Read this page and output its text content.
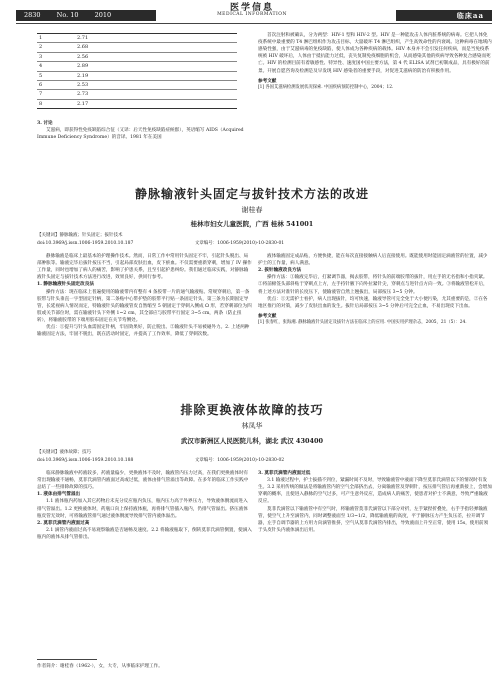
2830 No. 10 2010
医学信息
MEDICAL INFORMATION	临床aa
1	2.71	
2	2.68	
3	2.56	
4	2.89	
5	2.19	
6	2.53	
7	2.73	
8	2.17	
3. 讨论
艾滋病，即获得性免疫缺陷综合征（又译：后天性免疫缺陷症候群），英语缩写 AIDS（Acquired Immune Deficiency Syndrome）的音译。1981 年在美国
首次注射和被确认，分为两型：HIV-1 型和 HIV-2 型。HIV 是一种能攻击人体内脏系统的病毒。它把人体免疫系统中最重要的 T4 淋巴组织作为攻击目标，大量破坏 T4 淋巴组织，产生高致命性的内衰竭。这种病毒在地域内感染性强，由于艾滋病毒的免疫缺陷，使人体成为各种疾病的载体。HIV 本身并不会引发任何疾病，而是当免疫系统被 HIV 破坏后，人体由于抵抗能力过低，丧失复制免疫细胞的机会，从而感染其他的疾病导致各种复合感染而死亡。HIV 的检测目前有着敏感性、特异性、速度国中国主要方法，第 4 代 ELISA 试剂已初制成品，具有极好的前景。开展自愿咨询及检测是及早发现 HIV 感染者的重要手段，对促进艾滋病的防治有积极作用。
参考文献
[1] 各国艾滋病检测发展状况探索. 中国疾病预防控制中心，2004；12.
静脉输液针头固定与拔针技术方法的改进
谢桂春
桂林市妇女儿童医院，广西 桂林 541001
【关键词】静脉输液；针头固定；拔针技术
doi:10.3969/j.issn.1006-1959.2010.10.187	文章编号：1006-1959(2010)-10-2830-01
静脉输液是临床上最基本的护理操作技术。然而，日常工作中常用针头固定不牢，引起针头脱出、局部肿胀等。输液完毕后拔针按压不当，引起局部皮肤出血，皮下瘀血。不仅需要重新穿刺，增加了 IV 操作工作量，同时也增加了病人的痛苦，影响了护患关系，且至引起护患纠纷。我们通过临床实践，对静脉输液针头固定与拔针技术方法进行改进，效果良好，供同行参考。
1. 静脉输液针头固定改良法
操作方法：现在临床上普遍使用的输液带内有整有 4 条胶带一片的通气输液贴。常规穿刺后，第一条胶带与针头垂直一字型固定针柄，第二条贴中心带护垫的胶带平行贴一条固定针头，第三条为长期固定导管，长延视病人情况而定，特输液针头的输液管皮自然缩至 5 朝固定于穿刺入侧成 Ω 形，若穿刺部位为四肢或关节部位时，需在输液针头下外侧 1~2 cm，其全部应与胶带平行固定 3~5 cm，两条（防止扭转），将输液胶带的下端用胶布固定在关节弯侧处。
优点：①提升与针头血需固定针柄，牢固效果好，防止脱出。②输液针头不易被碰外力。2. 上述两种输液固定方法，牢固不脱出，既在活动时固定，并提高了工作效率，降低了穿刺次数。
液体输液固定成品贴，方便快捷，能在每次直接接触病人后直接使用。既能使用时能固定滴液管的位置，减少护士的工作量，病人满意。
2. 拔针输液改良方法
操作方法：①输液完毕后，打紧调节器，揭去胶带，将针头的前端胶带的拔针，用左手的无名指和小指夹紧。②将前棉签头部斜贴于穿刺点上方，左手持针腋下向外拉紧针尖，穿刺点与进针点方向一致。③将输液管松开后，将上述方法对准针的长度压下，使输液管自然上翘拔出，局部按压 3~5 分钟。
优点：①无需护士看护，病人出现拔针，均可快速，输液导管可完全免于大小便污染，尤其重要的是，②在各地区推行的对策，减少了皮肤出血的发生。拔针后局部按压 3~5 分钟后可完全止血，不易出现皮下出血。
参考文献
[1] 张春红，张海湘. 静脉输液针头固定及拔针方法在临床上的应用. 中国实用护理杂志，2005，21（5）：24.
排除更换液体故障的技巧
林凤华
武汉市新洲区人民医院儿科，湖北 武汉 430400
【关键词】液体故障；技巧
doi:10.3969/j.issn.1006-1959.2010.10.188	文章编号：1006-1959(2010)-10-2830-02
临床静脉输液中药液较多，药液量偏少，更换液体不及时，输液管内压力过高，在我们更换液体时有常出现输液不通畅，莫菲氏滴管内液面过高或过低，液体由排气管溢出等故障。在多年的临床工作实践中总结了一些排除故障的技巧。
1. 液体由排气管溢出
1.1 液体瓶内药加入其它药物后未充分反应瓶内负压，瓶内压力高于外界压力，导致液体倒流而进入排气管溢出。1.2 更换液体时，药瓶口向上保持液体瓶，再将排气管插入瓶内，仍排气管溢出。挤压液体瓶皮管无效时，可将输液管排气通过液体倒流导致排气管内液体溢出。
2. 莫菲氏滴管内液面过高
2.1 滴管内液面过高不易观察输液是否通畅及速度。2.2 将输液瓶取下，倒转莫菲氏滴管倒置，使滴入瓶内的液体从排气管排出。
3. 莫菲氏滴管内液面过低
3.1 输液过程中，护士拔插不到位，紧漏时间不及时，导致输液管中液面下降至莫菲氏滴管以下的情况时有发生。3.2 采用传统的做法是将输液管内的空气全部挤出去，分离输液管及穿刺针，按压排气管后再重新接上，会增加穿刺的概率，且使进入静脉的空气过多，可产生意外反应，造成病人的痛苦，使患者对护士不满意，导致严重输液反应。
莫菲氏滴管以下输液管中有空气时，将输液管莫菲氏滴管以下部分对折，左手紧捏折叠处，右手手指轻弹输液管，使空气上升至滴管内，同时调整液面至 1/3~1/2，降低输液瓶的高度，平于静脉压力产生负压差，拉开调节器，左手自调节器的上方用力向滴管推挤，空气从莫菲氏滴管内排出，导致液面上升至正常，使用 15s，使用前须于头皮针头内液体滴出后用。
作者简介：谢桂春（1962-），女，大专，从事临床护理工作。
